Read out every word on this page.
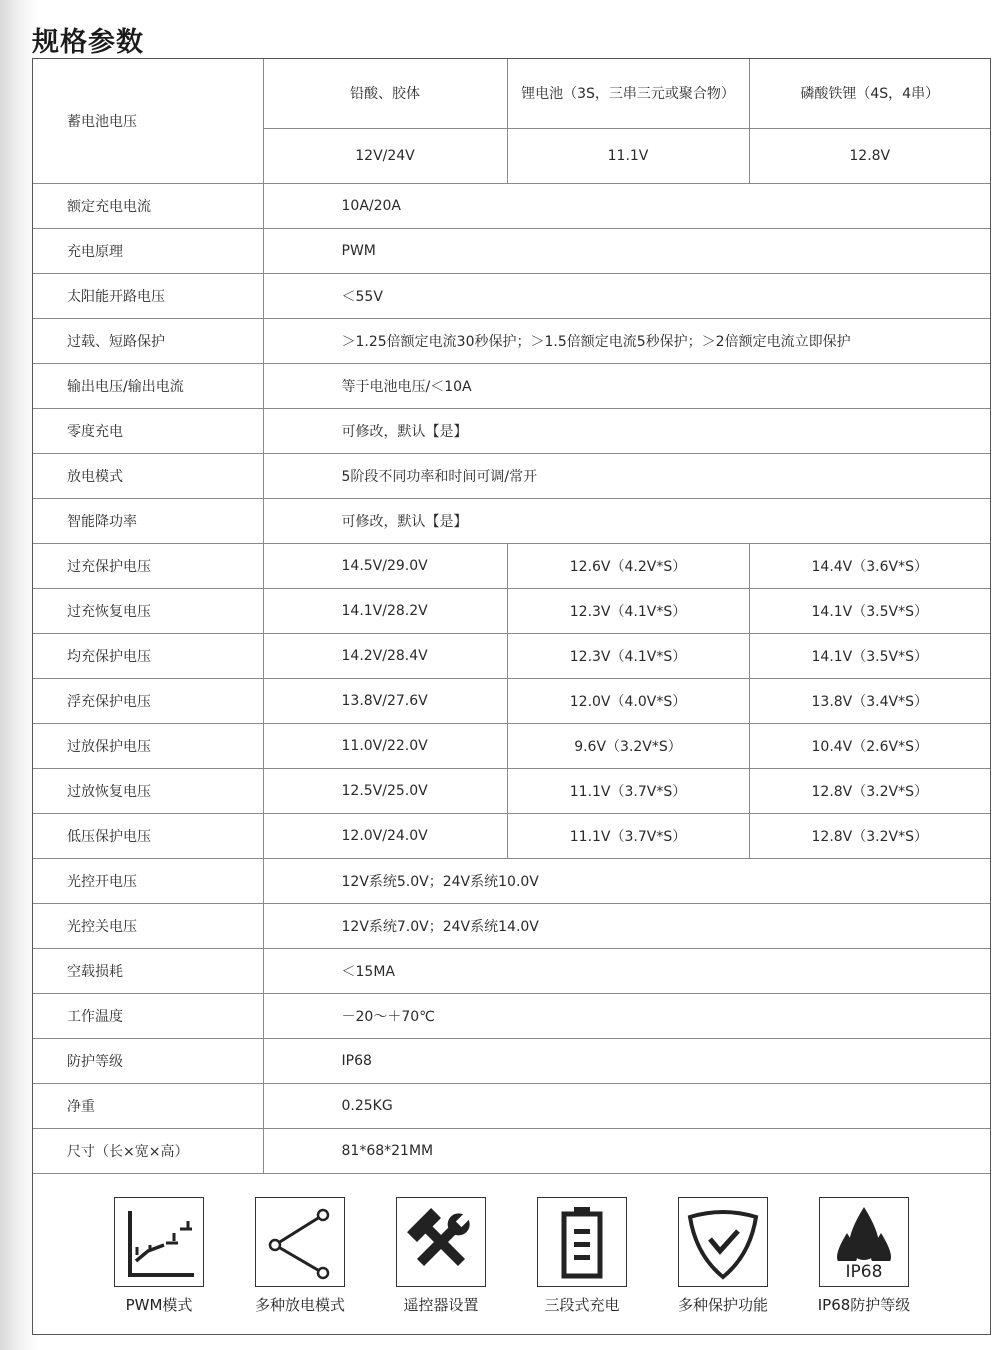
规格参数
蓄电池电压	铅酸、胶体	锂电池（3S，三串三元或聚合物）	磷酸铁锂（4S，4串）
	12V/24V	11.1V	12.8V
额定充电电流	10A/20A		
充电原理	PWM		
太阳能开路电压	＜55V		
过载、短路保护	＞1.25倍额定电流30秒保护；＞1.5倍额定电流5秒保护；＞2倍额定电流立即保护		
输出电压/输出电流	等于电池电压/＜10A		
零度充电	可修改，默认【是】		
放电模式	5阶段不同功率和时间可调/常开		
智能降功率	可修改，默认【是】		
过充保护电压	14.5V/29.0V	12.6V（4.2V*S）	14.4V（3.6V*S）
过充恢复电压	14.1V/28.2V	12.3V（4.1V*S）	14.1V（3.5V*S）
均充保护电压	14.2V/28.4V	12.3V（4.1V*S）	14.1V（3.5V*S）
浮充保护电压	13.8V/27.6V	12.0V（4.0V*S）	13.8V（3.4V*S）
过放保护电压	11.0V/22.0V	9.6V（3.2V*S）	10.4V（2.6V*S）
过放恢复电压	12.5V/25.0V	11.1V（3.7V*S）	12.8V（3.2V*S）
低压保护电压	12.0V/24.0V	11.1V（3.7V*S）	12.8V（3.2V*S）
光控开电压	12V系统5.0V；24V系统10.0V		
光控关电压	12V系统7.0V；24V系统14.0V		
空载损耗	＜15MA		
工作温度	－20～＋70℃		
防护等级	IP68		
净重	0.25KG		
尺寸（长×宽×高）	81*68*21MM		
PWM模式	多种放电模式	遥控器设置	三段式充电	多种保护功能
IP68
IP68防护等级
